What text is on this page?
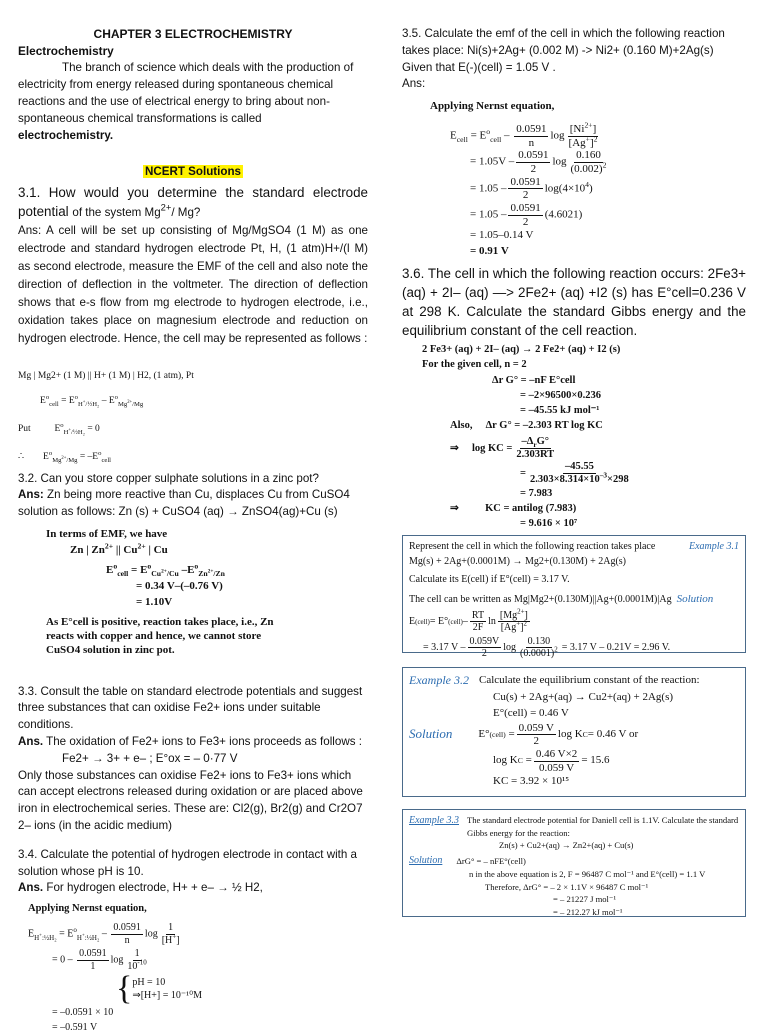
CHAPTER 3 ELECTROCHEMISTRY
Electrochemistry

The branch of science which deals with the production of electricity from energy released during spontaneous chemical reactions and the use of electrical energy to bring about non-spontaneous chemical transformations is called
electrochemistry.

NCERT Solutions

3.1. How would you determine the standard electrode potential of the system $Mg^{2+}/$ Mg?

Ans: A cell will be set up consisting of Mg/MgSO4 (1 M) as one electrode and standard hydrogen electrode Pt, H, (1 atm)H+/(l M) as second electrode, measure the EMF of the cell and also note the direction of deflection in the voltmeter. The direction of deflection shows that e-s flow from mg electrode to hydrogen electrode, i.e., oxidation takes place on magnesium electrode and reduction on hydrogen electrode. Hence, the cell may be represented as follows :

Mg | Mg2+ (1 M) || H+ (1 M) | H2, (1 atm), Pt
$E^o_{cell} = E^o_{H^+/\frac{1}{2}H_2} - E^o_{Mg^{2+}/Mg}$
Put          $E^o_{H^+/\frac{1}{2}H_2} = 0$
∴        $E^o_{Mg^{2+}/Mg} = -E^o_{cell}$

3.2. Can you store copper sulphate solutions in a zinc pot?

Ans: Zn being more reactive than Cu, displaces Cu from CuSO4 solution as follows: Zn (s) + CuSO4 (aq) → ZnSO4(ag)+Cu (s)

In terms of EMF, we have
Zn | $Zn^{2+}$ || $Cu^{2+}$ | Cu
$E^o_{cell} = E^o_{Cu^{2+}/Cu}$ $-E^o_{Zn^{2+}/Zn}$
= 0.34 V–(–0.76 V)
= 1.10V
As E°cell is positive, reaction takes place, i.e., Zn reacts with copper and hence, we cannot store CuSO4 solution in zinc pot.

3.3. Consult the table on standard electrode potentials and suggest three substances that can oxidise Fe2+ ions under suitable conditions.

Ans. The oxidation of Fe2+ ions to Fe3+ ions proceeds as follows :

Fe2+ → 3+ + e– ; E°ox = – 0·77 V

Only those substances can oxidise Fe2+ ions to Fe3+ ions which can accept electrons released during oxidation or are placed above iron in electrochemical series. These are: Cl2(g), Br2(g) and Cr2O7 2– ions (in the acidic medium)

3.4. Calculate the potential of hydrogen electrode in contact with a solution whose pH is 10.

Ans. For hydrogen electrode, H+ + e– → ½ H2,

Applying Nernst equation,
$E_{H^+:\frac{1}{2}H_2} = E^o_{H^+:\frac{1}{2}H_2} - \frac{0.0591}{n}$ $\log \frac{1}{[H^+]}$
= $0 - \frac{0.0591}{1}$ $\log \frac{1}{10^{-10}}$
{ pH = 10
⇒[H+] = 10⁻¹⁰M
= –0.0591 × 10
= –0.591 V

3.5. Calculate the emf of the cell in which the following reaction takes place: Ni(s)+2Ag+ (0.002 M) -> Ni2+ (0.160 M)+2Ag(s) Given that E(-)(cell) = 1.05 V .

Ans:

Applying Nernst equation,
$E_{cell} = E^o_{cell} - \frac{0.0591}{n}$ $\log \frac{[Ni^{2+}]}{[Ag^+]^2}$
= $1.05V - \frac{0.0591}{2}$ $\log \frac{0.160}{(0.002)^2}$
= $1.05 - \frac{0.0591}{2} \log(4\times 10^4)$
= $1.05 - \frac{0.0591}{2} (4.6021)$
= 1.05–0.14 V
= 0.91 V

3.6. The cell in which the following reaction occurs: 2Fe3+ (aq) + 2I– (aq) —> 2Fe2+ (aq) +I2 (s) has E°cell=0.236 V at 298 K. Calculate the standard Gibbs energy and the equilibrium constant of the cell reaction.

2 Fe3+ (aq) + 2I– (aq) → 2 Fe2+ (aq) + I2 (s)
For the given cell, n = 2
Δr G° = –nF E°cell
= –2×96500×0.236
= –45.55 kJ mol⁻¹
Also, Δr G° = –2.303 RT log KC
⇒ log KC = $\frac{-\Delta_rG^\circ}{2.303RT}$
= $\frac{-45.55}{2.303\times 8.314\times 10^{-3}\times 298}$
= 7.983
⇒          KC = antilog (7.983)
= 9.616 × 10⁷
Represent the cell in which the following reaction takes place	Example 3.1
Mg(s) + 2Ag+(0.0001M) → Mg2+(0.130M) + 2Ag(s)
Calculate its E(cell) if E°(cell) = 3.17 V.
The cell can be written as Mg|Mg2+(0.130M)||Ag+(0.0001M)|Ag
Solution
E (cell) = E° (cell) – $\frac{RT}{2F}$ $\ln \frac{[Mg^{2+}]}{[Ag^+]^2}$
= 3.17 V – $\frac{0.059V}{2}$ $\log \frac{0.130}{(0.0001)^2} = 3.17$ V – 0.21V = 2.96 V.
Example 3.2 Calculate the equilibrium constant of the reaction:
Cu(s) + 2Ag+(aq) → Cu2+(aq) + 2Ag(s)
E°(cell) = 0.46 V
Solution E° (cell) = $\frac{0.059 V}{2}$ log K C = 0.46 V or
log K $C = \frac{0.46 V\times 2}{0.059 V} = 15.6$
KC = 3.92 × 10¹⁵
Example 3.3 The standard electrode potential for Daniell cell is 1.1V. Calculate the standard Gibbs energy for the reaction:
Zn(s) + Cu2+(aq) → Zn2+(aq) + Cu(s)
Solution ΔrG° = – nFE°(cell)
n in the above equation is 2, F = 96487 C mol⁻¹ and E°(cell) = 1.1 V
Therefore, ΔrG° = – 2 × 1.1V × 96487 C mol⁻¹
= – 21227 J mol⁻¹
= – 212.27 kJ mol⁻¹
